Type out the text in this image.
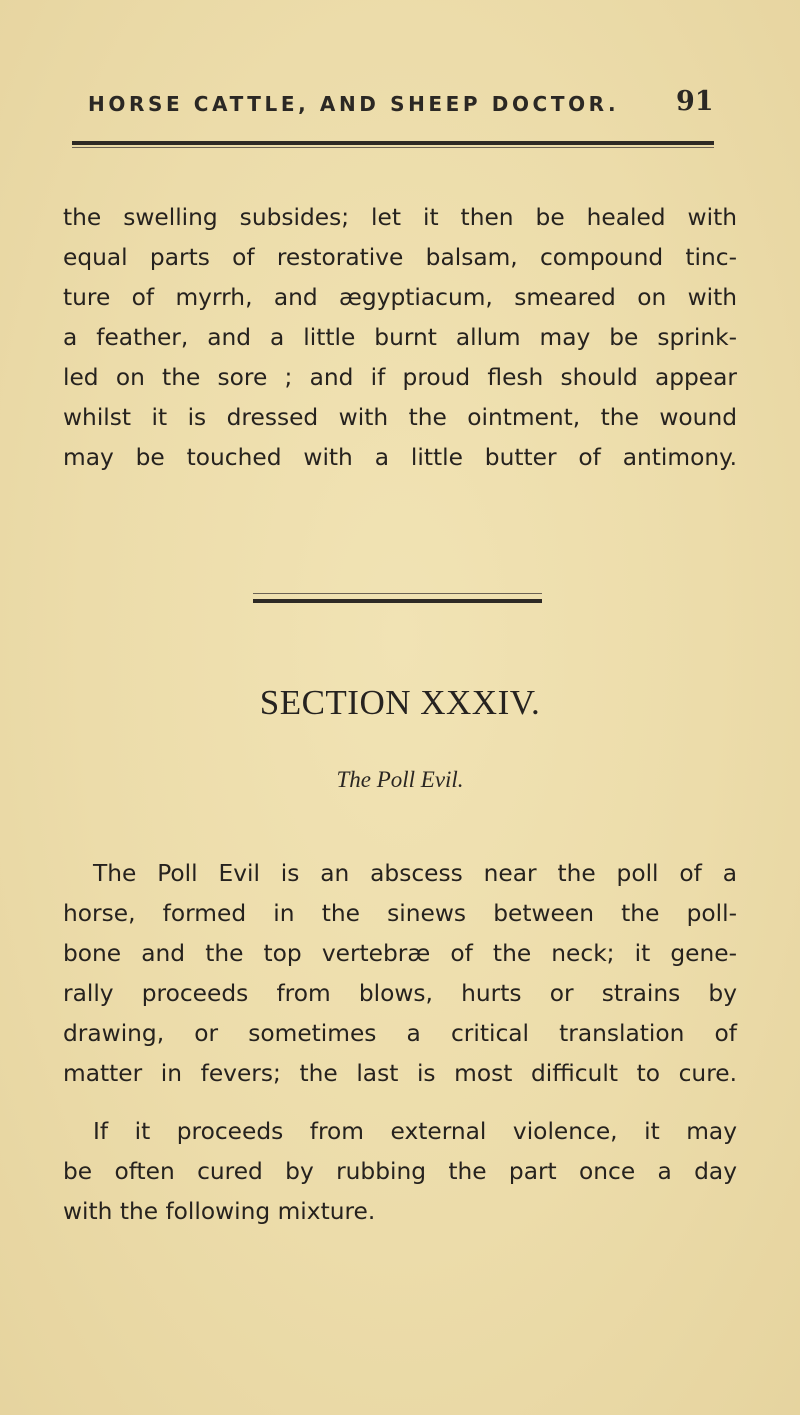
HORSE CATTLE, AND SHEEP DOCTOR.	91
the swelling subsides; let it then be healed with
equal parts of restorative balsam, compound tinc-
ture of myrrh, and ægyptiacum, smeared on with
a feather, and a little burnt allum may be sprink-
led on the sore ; and if proud flesh should appear
whilst it is dressed with the ointment, the wound
may be touched with a little butter of antimony.
SECTION XXXIV.
The Poll Evil.
The Poll Evil is an abscess near the poll of a
horse, formed in the sinews between the poll-
bone and the top vertebræ of the neck; it gene-
rally proceeds from blows, hurts or strains by
drawing, or sometimes a critical translation of
matter in fevers; the last is most difficult to cure.
If it proceeds from external violence, it may
be often cured by rubbing the part once a day
with the following mixture.
